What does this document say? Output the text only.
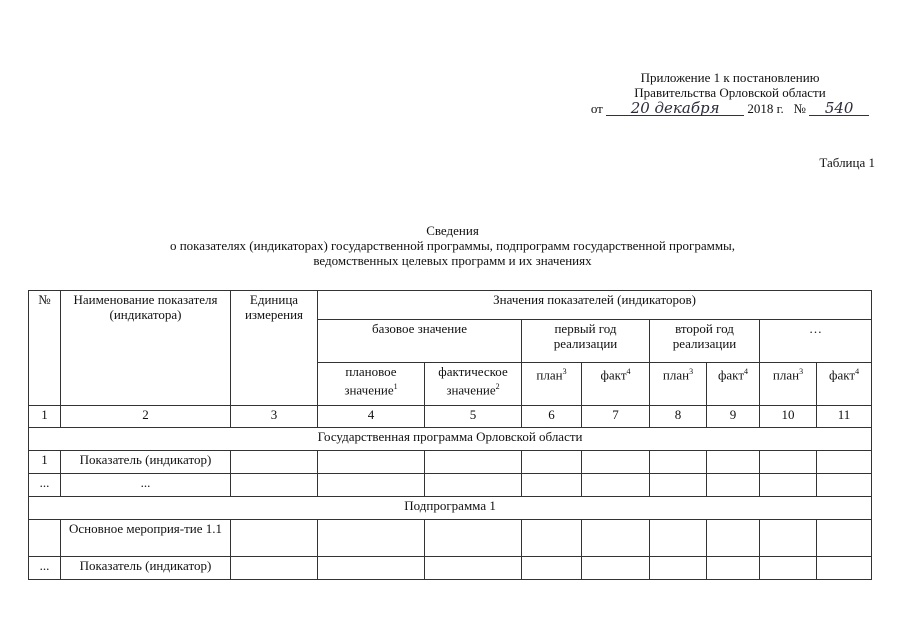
Приложение 1 к постановлению
Правительства Орловской области
от 20 декабря 2018 г. № 540
Таблица 1
Сведения
о показателях (индикаторах) государственной программы, подпрограмм государственной программы,
ведомственных целевых программ и их значениях
№	Наименование показателя (индикатора)	Единица измерения	Значения показателей (индикаторов)							
			базовое значение		первый год реализации		второй год реализации		…	
			плановое значение$^1$	фактическое значение$^2$	план$^3$	факт$^4$	план$^3$	факт$^4$	план$^3$	факт$^4$
1	2	3	4	5	6	7	8	9	10	11
Государственная программа Орловской области										
1	Показатель (индикатор)									
...	...									
Подпрограмма 1										
	Основное мероприя-тие 1.1									
...	Показатель (индикатор)									
